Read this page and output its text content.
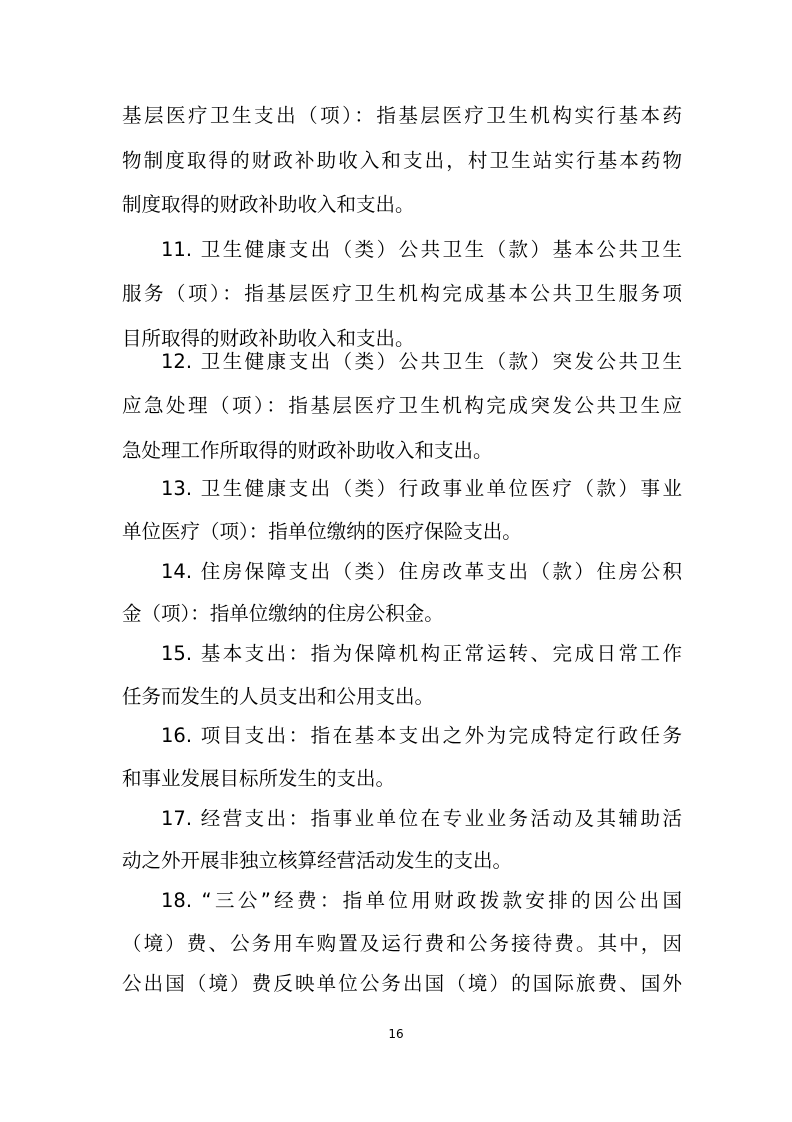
基层医疗卫生支出（项）：指基层医疗卫生机构实行基本药
物制度取得的财政补助收入和支出，村卫生站实行基本药物
制度取得的财政补助收入和支出。
11. 卫生健康支出（类）公共卫生（款）基本公共卫生
服务（项）：指基层医疗卫生机构完成基本公共卫生服务项
目所取得的财政补助收入和支出。
12. 卫生健康支出（类）公共卫生（款）突发公共卫生
应急处理（项）：指基层医疗卫生机构完成突发公共卫生应
急处理工作所取得的财政补助收入和支出。
13. 卫生健康支出（类）行政事业单位医疗（款）事业
单位医疗（项）：指单位缴纳的医疗保险支出。
14. 住房保障支出（类）住房改革支出（款）住房公积
金（项）：指单位缴纳的住房公积金。
15. 基本支出：指为保障机构正常运转、完成日常工作
任务而发生的人员支出和公用支出。
16. 项目支出：指在基本支出之外为完成特定行政任务
和事业发展目标所发生的支出。
17. 经营支出：指事业单位在专业业务活动及其辅助活
动之外开展非独立核算经营活动发生的支出。
18. “三公”经费：指单位用财政拨款安排的因公出国
（境）费、公务用车购置及运行费和公务接待费。其中，因
公出国（境）费反映单位公务出国（境）的国际旅费、国外
16
